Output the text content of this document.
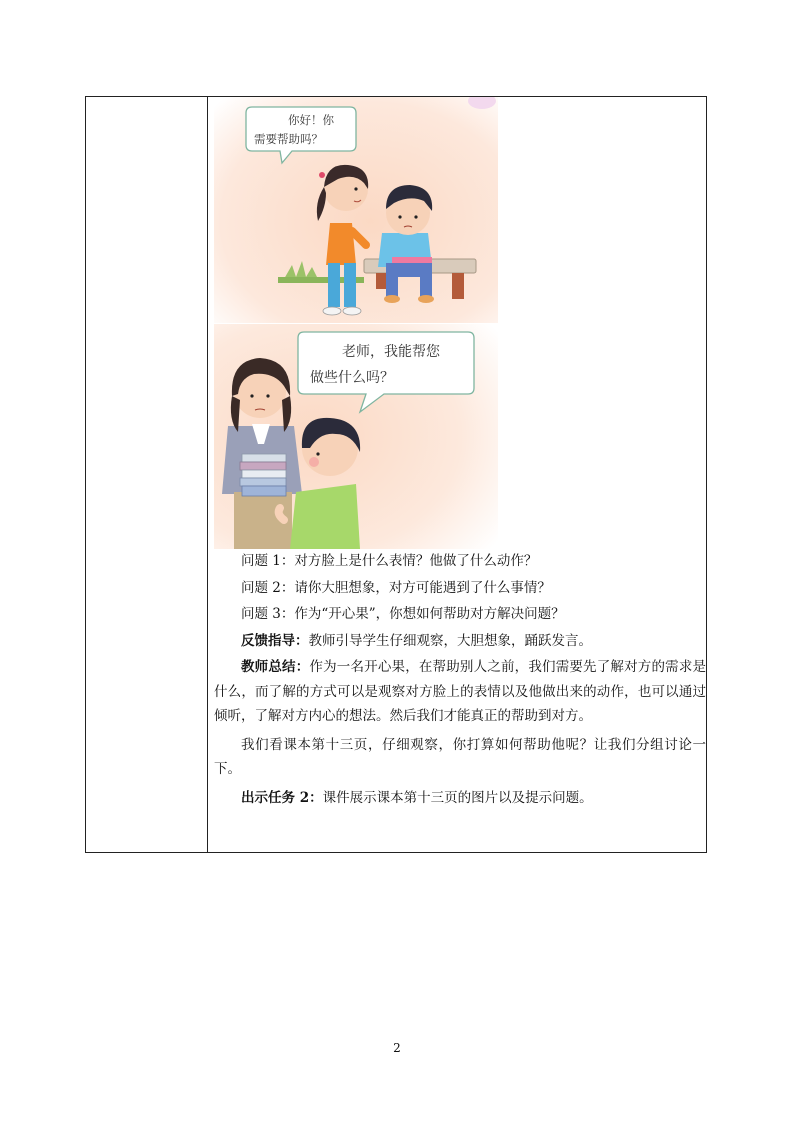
你好！你
需要帮助吗？
老师，我能帮您
做些什么吗？

问题 1：对方脸上是什么表情？他做了什么动作？

问题 2：请你大胆想象，对方可能遇到了什么事情？

问题 3：作为“开心果”，你想如何帮助对方解决问题？

反馈指导：教师引导学生仔细观察，大胆想象，踊跃发言。

教师总结：作为一名开心果，在帮助别人之前，我们需要先了解对方的需求是什么，而了解的方式可以是观察对方脸上的表情以及他做出来的动作，也可以通过倾听，了解对方内心的想法。然后我们才能真正的帮助到对方。

我们看课本第十三页，仔细观察，你打算如何帮助他呢？让我们分组讨论一下。

出示任务 2：课件展示课本第十三页的图片以及提示问题。

2
